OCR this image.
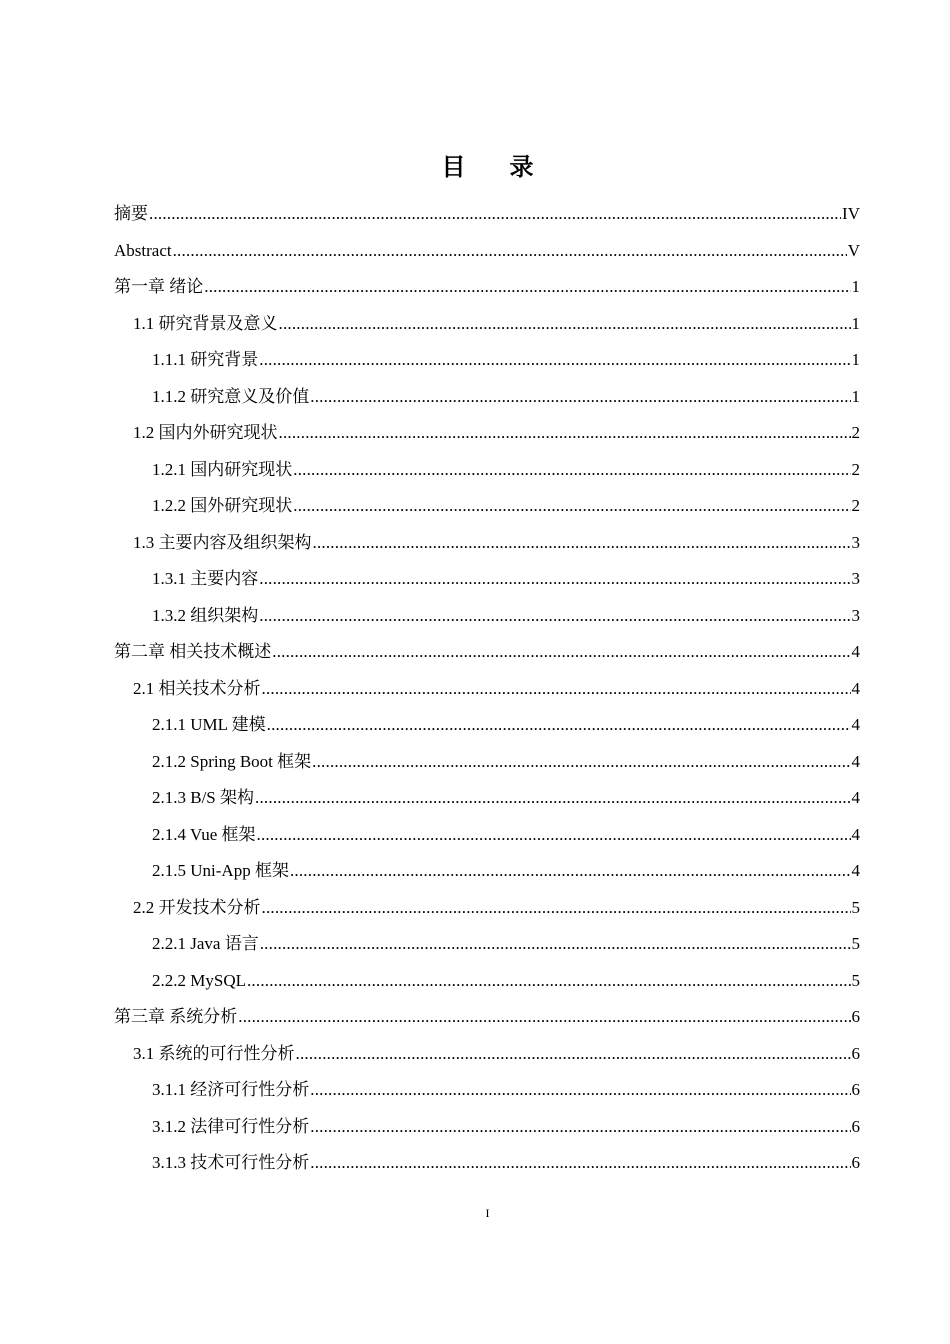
目 录
摘要 .....	IV
Abstract .....	V
第一章 绪论 .....	1
1.1 研究背景及意义 .....	1
1.1.1 研究背景 .....	1
1.1.2 研究意义及价值 .....	1
1.2 国内外研究现状 .....	2
1.2.1 国内研究现状 .....	2
1.2.2 国外研究现状 .....	2
1.3 主要内容及组织架构 .....	3
1.3.1 主要内容 .....	3
1.3.2 组织架构 .....	3
第二章 相关技术概述 .....	4
2.1 相关技术分析 .....	4
2.1.1 UML 建模 .....	4
2.1.2 Spring Boot 框架 .....	4
2.1.3 B/S 架构 .....	4
2.1.4 Vue 框架 .....	4
2.1.5 Uni-App 框架 .....	4
2.2 开发技术分析 .....	5
2.2.1 Java 语言 .....	5
2.2.2 MySQL .....	5
第三章 系统分析 .....	6
3.1 系统的可行性分析 .....	6
3.1.1 经济可行性分析 .....	6
3.1.2 法律可行性分析 .....	6
3.1.3 技术可行性分析 .....	6
I
